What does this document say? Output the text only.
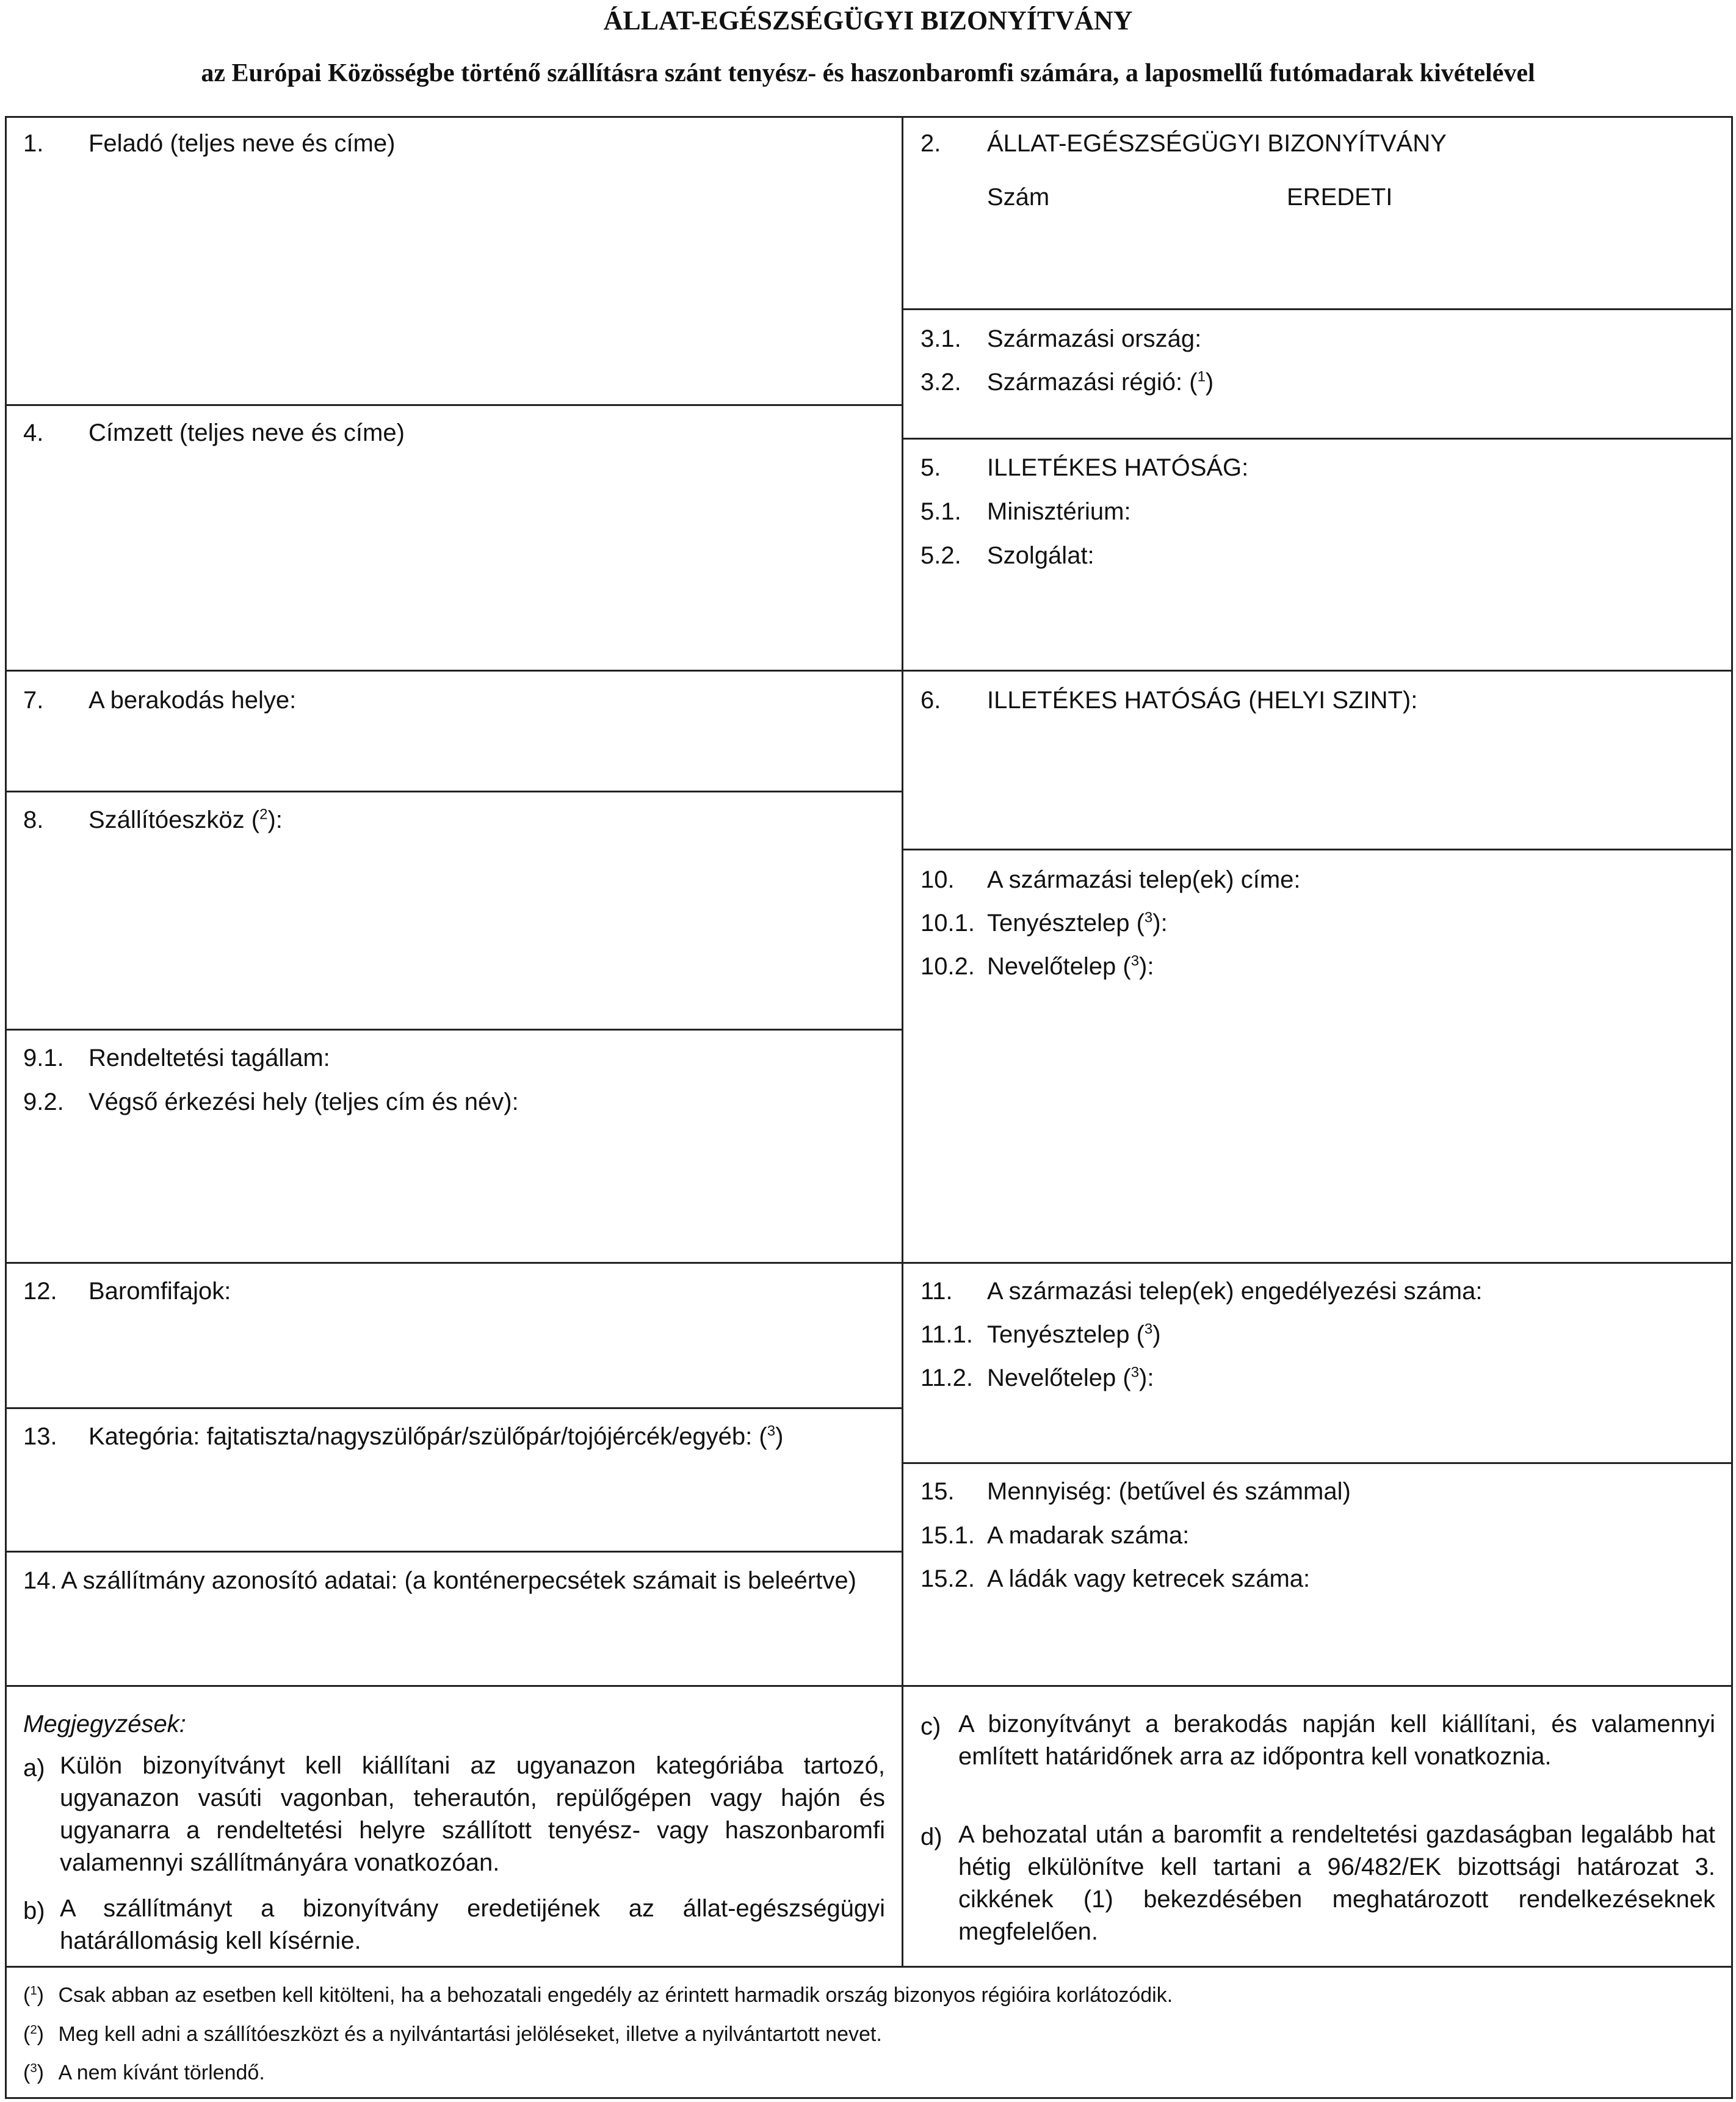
ÁLLAT-EGÉSZSÉGÜGYI BIZONYÍTVÁNY
az Európai Közösségbe történő szállításra szánt tenyész- és haszonbaromfi számára, a laposmellű futómadarak kivételével
1. Feladó (teljes neve és címe)
4. Címzett (teljes neve és címe)
7. A berakodás helye:
8. Szállítóeszköz ($^2$):
9.1. Rendeltetési tagállam:
9.2. Végső érkezési hely (teljes cím és név):
12. Baromfifajok:
13. Kategória: fajtatiszta/nagyszülőpár/szülőpár/tojójércék/egyéb: ($^3$)
14. A szállítmány azonosító adatai: (a konténerpecsétek számait is beleértve)
2. ÁLLAT-EGÉSZSÉGÜGYI BIZONYÍTVÁNY
Szám	EREDETI
3.1. Származási ország:
3.2. Származási régió: ($^1$)
5. ILLETÉKES HATÓSÁG:
5.1. Minisztérium:
5.2. Szolgálat:
6. ILLETÉKES HATÓSÁG (HELYI SZINT):
10. A származási telep(ek) címe:
10.1. Tenyésztelep ($^3$):
10.2. Nevelőtelep ($^3$):
11. A származási telep(ek) engedélyezési száma:
11.1. Tenyésztelep ($^3$)
11.2. Nevelőtelep ($^3$):
15. Mennyiség: (betűvel és számmal)
15.1. A madarak száma:
15.2. A ládák vagy ketrecek száma:
Megjegyzések:
a) Külön bizonyítványt kell kiállítani az ugyanazon kategóriába tartozó, ugyanazon vasúti vagonban, teherautón, repülőgépen vagy hajón és ugyanarra a rendeltetési helyre szállított tenyész- vagy haszonbaromfi valamennyi szállítmányára vonatkozóan.
b) A szállítmányt a bizonyítvány eredetijének az állat-egészségügyi határállomásig kell kísérnie.
c) A bizonyítványt a berakodás napján kell kiállítani, és valamennyi említett határidőnek arra az időpontra kell vonatkoznia.
d) A behozatal után a baromfit a rendeltetési gazdaságban legalább hat hétig elkülönítve kell tartani a 96/482/EK bizottsági határozat 3. cikkének (1) bekezdésében meghatározott rendelkezéseknek megfelelően.
($^1$) Csak abban az esetben kell kitölteni, ha a behozatali engedély az érintett harmadik ország bizonyos régióira korlátozódik.
($^2$) Meg kell adni a szállítóeszközt és a nyilvántartási jelöléseket, illetve a nyilvántartott nevet.
($^3$) A nem kívánt törlendő.
